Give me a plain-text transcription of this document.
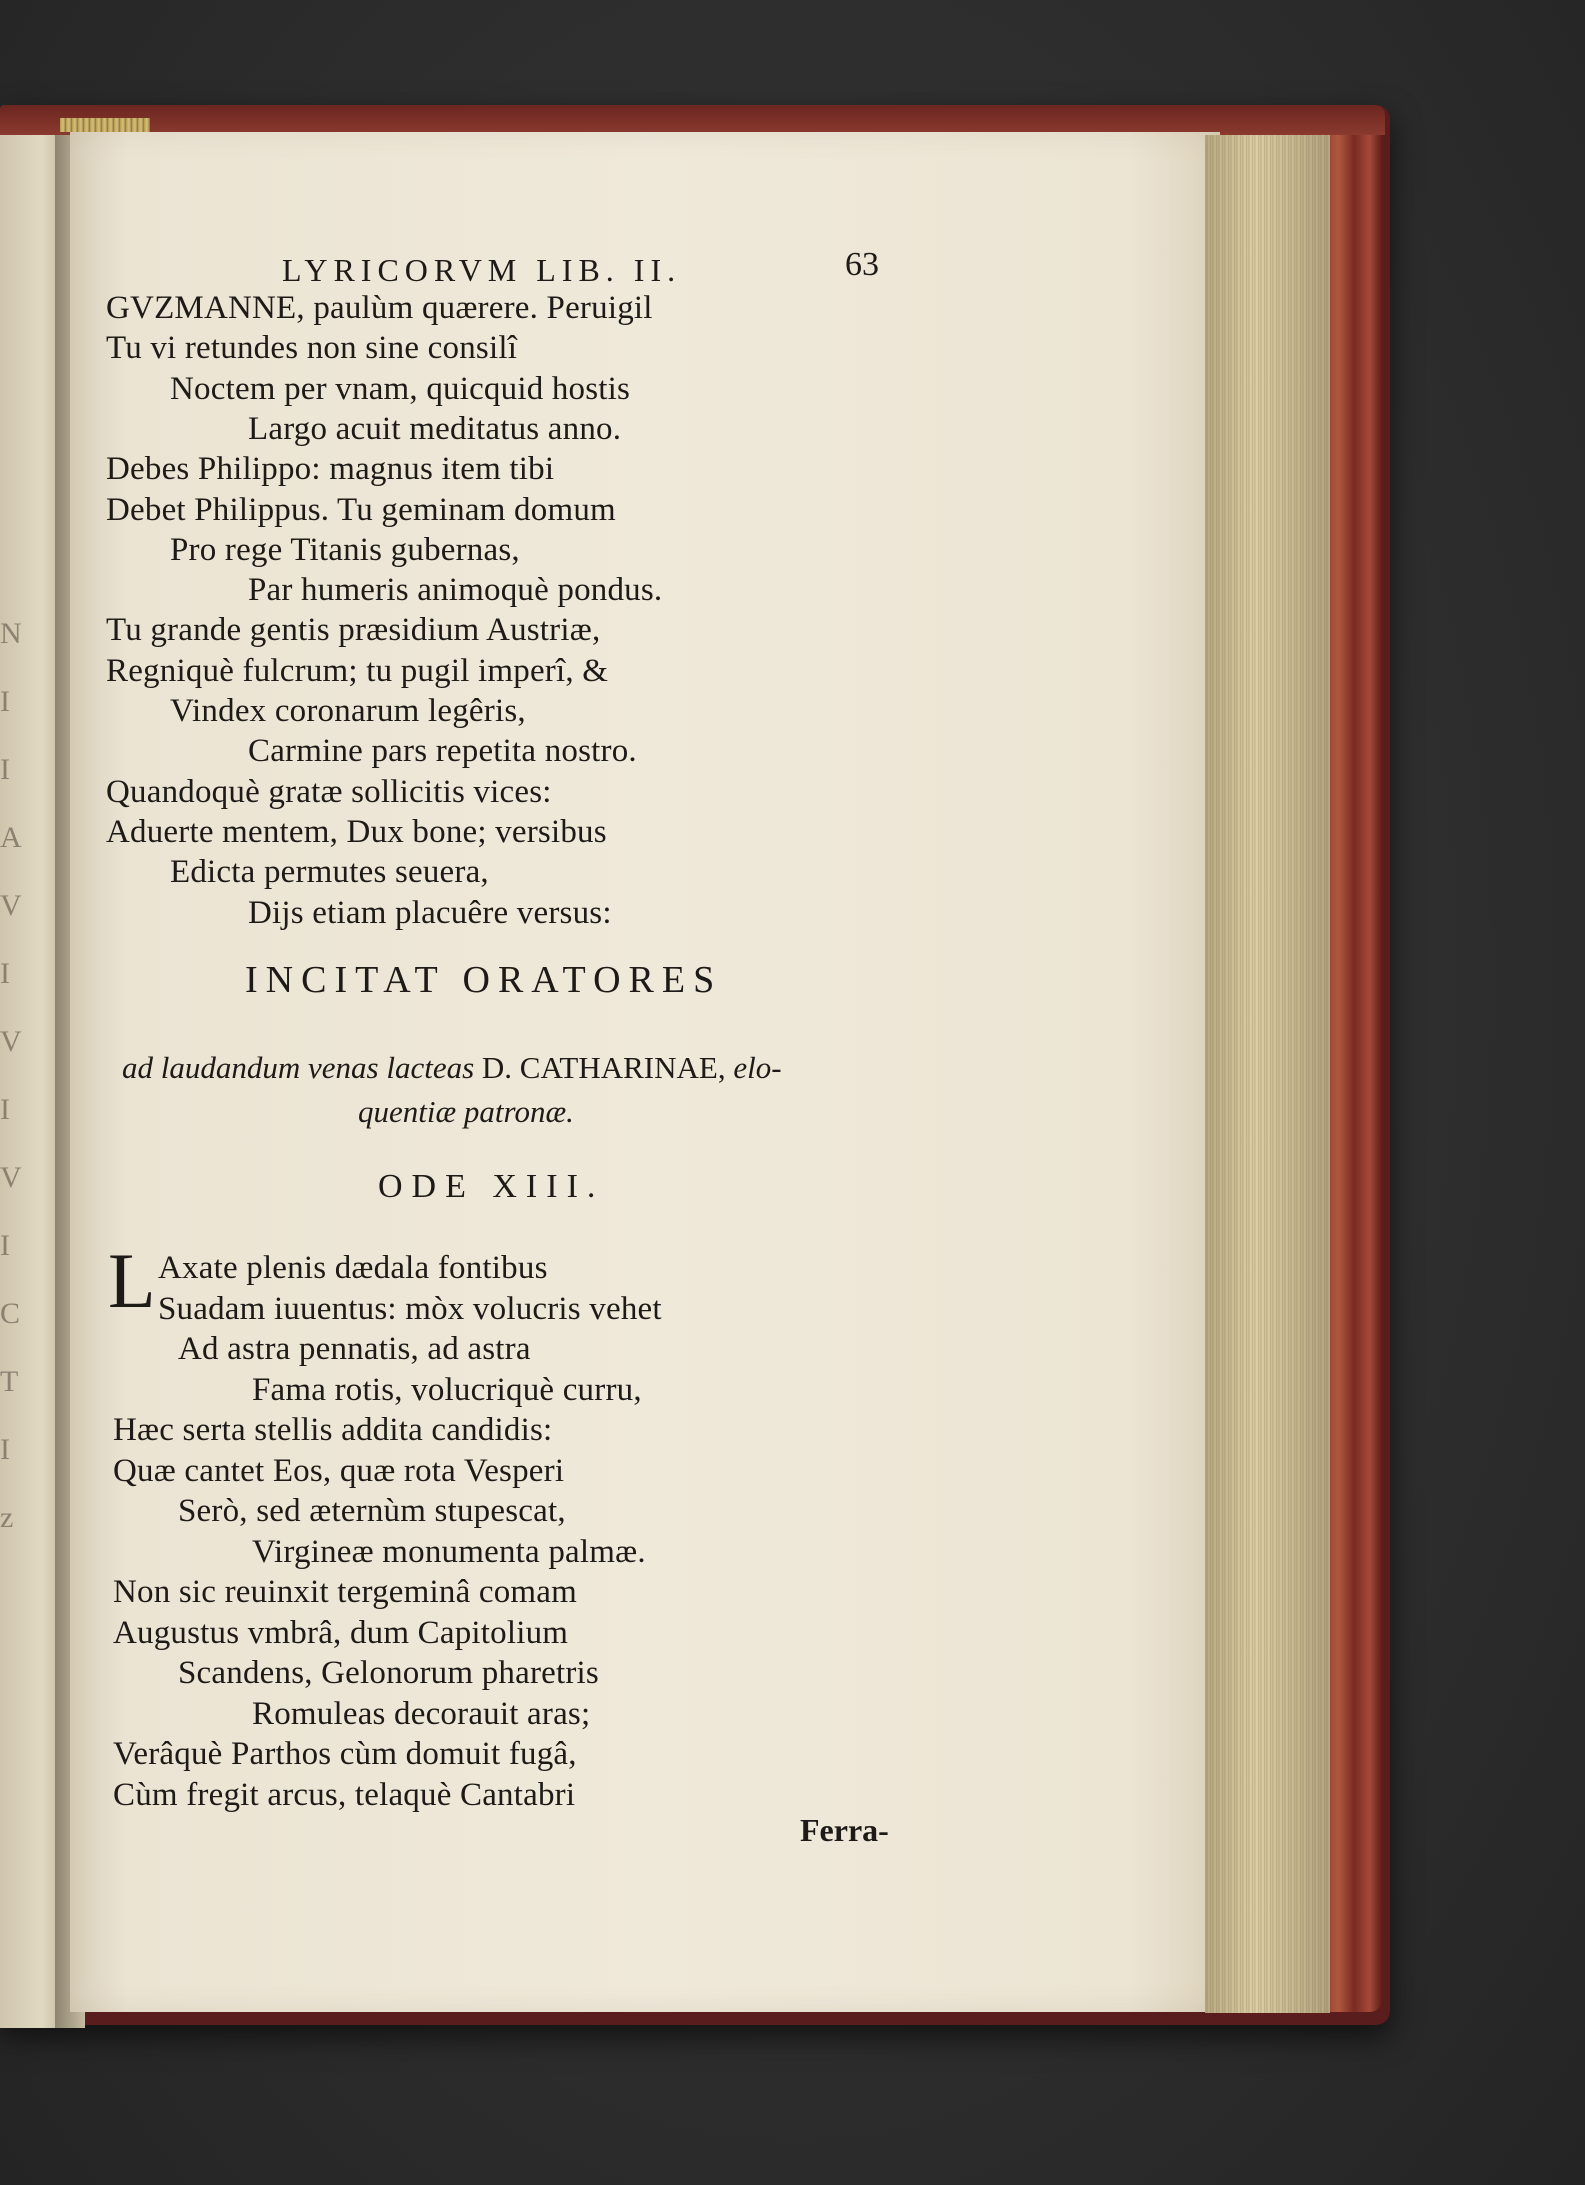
N
I
I
A
V
I
V
I
V
I
C
T
I
z
LYRICORVM LIB. II.	63
GVZMANNE, paulùm quærere. Peruigil
Tu vi retundes non sine consilî
Noctem per vnam, quicquid hostis
Largo acuit meditatus anno.
Debes Philippo: magnus item tibi
Debet Philippus. Tu geminam domum
Pro rege Titanis gubernas,
Par humeris animoquè pondus.
Tu grande gentis præsidium Austriæ,
Regniquè fulcrum; tu pugil imperî, &
Vindex coronarum legêris,
Carmine pars repetita nostro.
Quandoquè gratæ sollicitis vices:
Aduerte mentem, Dux bone; versibus
Edicta permutes seuera,
Dijs etiam placuêre versus:
INCITAT ORATORES
ad laudandum venas lacteas D. CATHARINAE, elo-
quentiæ patronæ.
ODE XIII.
L Axate plenis dædala fontibus
Suadam iuuentus: mòx volucris vehet
Ad astra pennatis, ad astra
Fama rotis, volucriquè curru,
Hæc serta stellis addita candidis:
Quæ cantet Eos, quæ rota Vesperi
Serò, sed æternùm stupescat,
Virgineæ monumenta palmæ.
Non sic reuinxit tergeminâ comam
Augustus vmbrâ, dum Capitolium
Scandens, Gelonorum pharetris
Romuleas decorauit aras;
Verâquè Parthos cùm domuit fugâ,
Cùm fregit arcus, telaquè Cantabri
Ferra-
